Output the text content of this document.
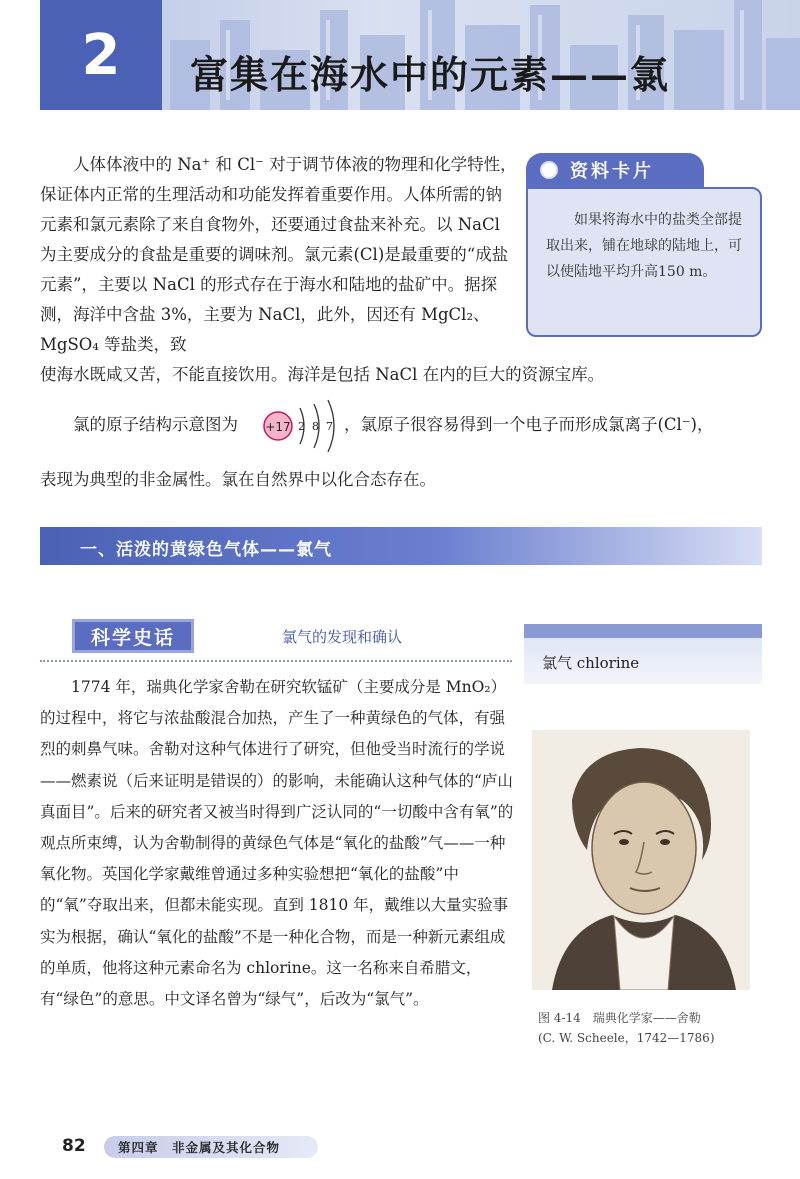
2 富集在海水中的元素——氯
人体体液中的 Na⁺ 和 Cl⁻ 对于调节体液的物理和化学特性，保证体内正常的生理活动和功能发挥着重要作用。人体所需的钠元素和氯元素除了来自食物外，还要通过食盐来补充。以 NaCl 为主要成分的食盐是重要的调味剂。氯元素(Cl)是最重要的“成盐元素”，主要以 NaCl 的形式存在于海水和陆地的盐矿中。据探测，海洋中含盐 3%，主要为 NaCl，此外，因还有 MgCl₂、MgSO₄ 等盐类，致
使海水既咸又苦，不能直接饮用。海洋是包括 NaCl 在内的巨大的资源宝库。
资料卡片
如果将海水中的盐类全部提取出来，铺在地球的陆地上，可以使陆地平均升高150 m。
氯的原子结构示意图为	+17 2 8 7 ，氯原子很容易得到一个电子而形成氯离子(Cl⁻)，
表现为典型的非金属性。氯在自然界中以化合态存在。
一、活泼的黄绿色气体——氯气
科学史话	氯气的发现和确认
1774 年，瑞典化学家舍勒在研究软锰矿（主要成分是 MnO₂）的过程中，将它与浓盐酸混合加热，产生了一种黄绿色的气体，有强烈的刺鼻气味。舍勒对这种气体进行了研究，但他受当时流行的学说——燃素说（后来证明是错误的）的影响，未能确认这种气体的“庐山真面目”。后来的研究者又被当时得到广泛认同的“一切酸中含有氧”的观点所束缚，认为舍勒制得的黄绿色气体是“氧化的盐酸”气——一种氧化物。英国化学家戴维曾通过多种实验想把“氧化的盐酸”中的“氧”夺取出来，但都未能实现。直到 1810 年，戴维以大量实验事实为根据，确认“氧化的盐酸”不是一种化合物，而是一种新元素组成的单质，他将这种元素命名为 chlorine。这一名称来自希腊文，有“绿色”的意思。中文译名曾为“绿气”，后改为“氯气”。
氯气 chlorine
图 4-14　瑞典化学家——舍勒
(C. W. Scheele，1742—1786)
82	第四章　非金属及其化合物
